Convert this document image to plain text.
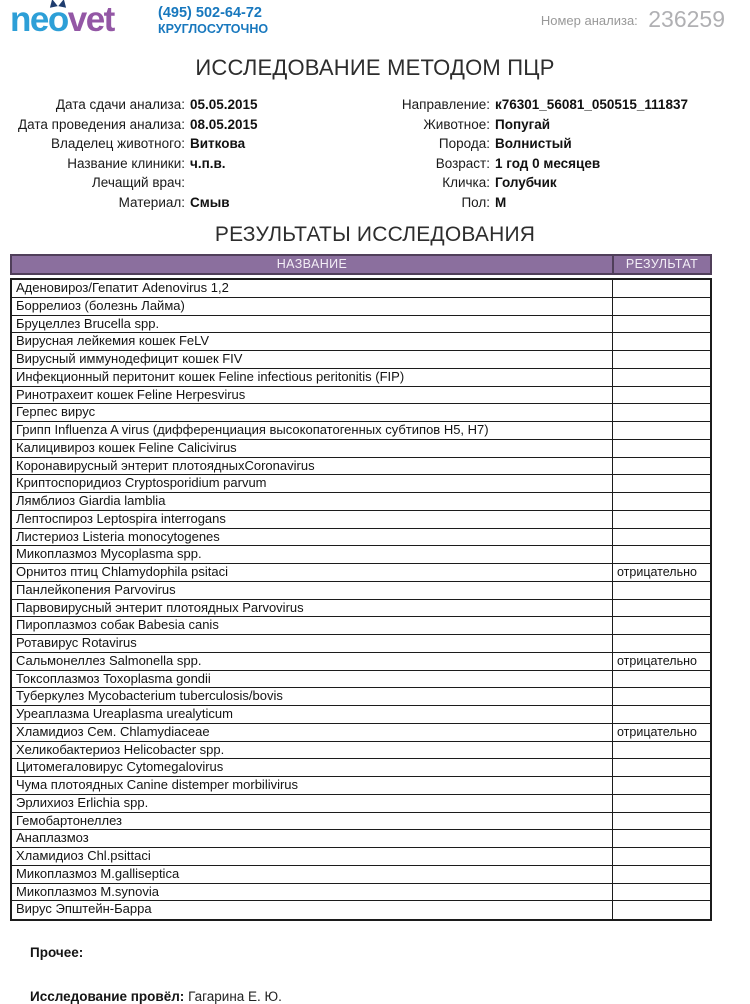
ne
ovet	(495) 502-64-72
КРУГЛОСУТОЧНО
Номер анализа: 236259
ИССЛЕДОВАНИЕ МЕТОДОМ ПЦР
Дата сдачи анализа: 05.05.2015
Дата проведения анализа: 08.05.2015
Владелец животного: Виткова
Название клиники: ч.п.в.
Лечащий врач:
Материал: Смыв
Направление: к76301_56081_050515_111837
Животное: Попугай
Порода: Волнистый
Возраст: 1 год 0 месяцев
Кличка: Голубчик
Пол: М
РЕЗУЛЬТАТЫ ИССЛЕДОВАНИЯ
НАЗВАНИЕ	РЕЗУЛЬТАТ
Аденовироз/Гепатит Adenovirus 1,2
Боррелиоз (болезнь Лайма)
Бруцеллез Brucella spp.
Вирусная лейкемия кошек FeLV
Вирусный иммунодефицит кошек FIV
Инфекционный перитонит кошек Feline infectious peritonitis (FIP)
Ринотрахеит кошек Feline Herpesvirus
Герпес вирус
Грипп Influenza A virus (дифференциация высокопатогенных субтипов H5, H7)
Калицивироз кошек Feline Calicivirus
Коронавирусный энтерит плотоядныхCoronavirus
Криптоспоридиоз Cryptosporidium parvum
Лямблиоз Giardia lamblia
Лептоспироз Leptospira interrogans
Листериоз Listeria monocytogenes
Микоплазмоз Mycoplasma spp.
Орнитоз птиц Chlamydophila psitaci	отрицательно
Панлейкопения Parvovirus
Парвовирусный энтерит плотоядных Parvovirus
Пироплазмоз собак Babesia canis
Ротавирус Rotavirus
Сальмонеллез Salmonella spp.	отрицательно
Токсоплазмоз Toxoplasma gondii
Туберкулез Mycobacterium tuberculosis/bovis
Уреаплазма Ureaplasma urealyticum
Хламидиоз Сем. Chlamydiaceae	отрицательно
Хеликобактериоз Helicobacter spp.
Цитомегаловирус Cytomegalovirus
Чума плотоядных Canine distemper morbilivirus
Эрлихиоз Erlichia spp.
Гемобартонеллез
Анаплазмоз
Хламидиоз Chl.psittaci
Микоплазмоз M.galliseptica
Микоплазмоз M.synovia
Вирус Эпштейн-Барра
Прочее:
Исследование провёл: Гагарина Е. Ю.
